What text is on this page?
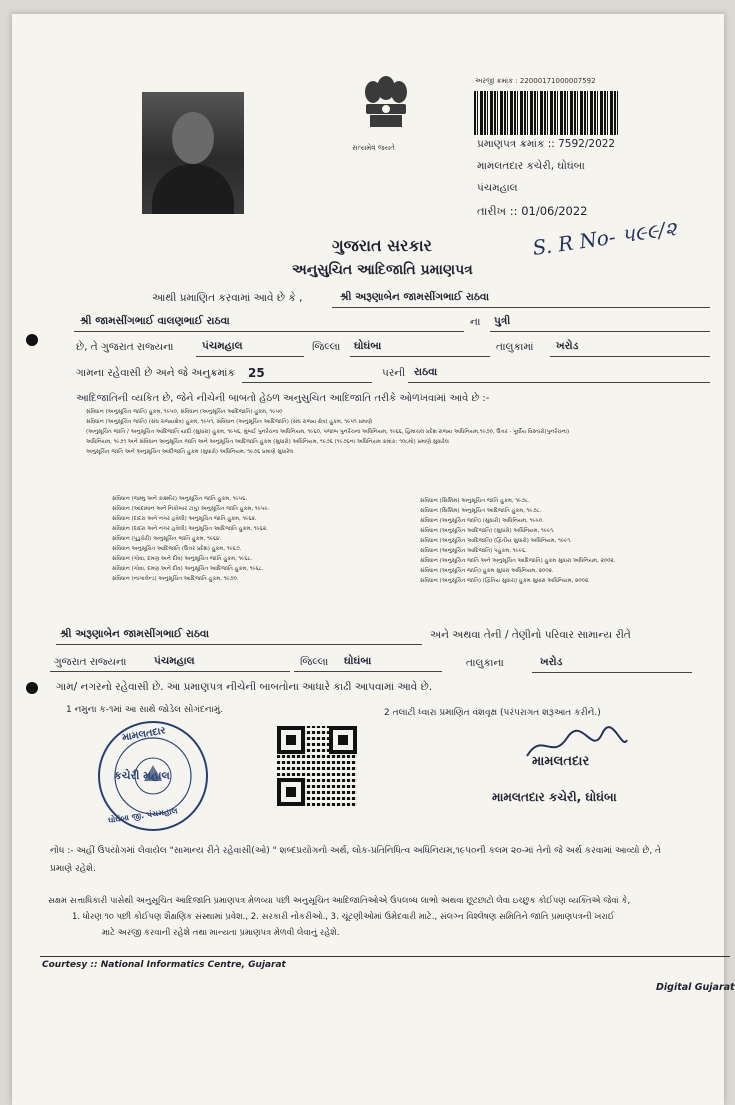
સત્યમેવ જયતે
અરજી ક્રમાંક : 22000171000007592
પ્રમાણપત્ર ક્રમાંક :: 7592/2022
મામલતદાર કચેરી, ઘોઘંબા
પંચમહાલ
તારીખ :: 01/06/2022
S. R No- ૫૯૯/૨
ગુજરાત સરકાર
અનુસુચિત આદિજાતિ પ્રમાણપત્ર
આથી પ્રમાણિત કરવામાં આવે છે કે ,	શ્રી અરૂણાબેન જામસીંગભાઈ રાઠવા
શ્રી જામસીંગભાઈ વાલણભાઈ રાઠવા	ના પુત્રી
છે, તે ગુજરાત રાજ્યના	પંચમહાલ	જિલ્લા ઘોઘંબા	તાલુકામાં ખરોડ
ગામના રહેવાસી છે અને જે અનુક્રમાંક 25	પરની રાઠવા
આદિજાતિની વ્યકિત છે, જેને નીચેની બાબતો હેઠળ અનુસુચિત આદિજાતિ તરીકે ઓળખવામાં આવે છે :-
સંવિધાન (અનુસૂચિત જાતિ) હુકમ, ૧૯૫૦, સંવિધાન (અનુસૂચિત આદિજાતિ) હુકમ, ૧૯૫૦
સંવિધાન (અનુસૂચિત જાતિ) (સંઘ રાજ્યક્ષેત્ર) હુકમ, ૧૯૫૧, સંવિધાન (અનુસૂચિત આદિજાતિ) (સંઘ રાજ્ય ક્ષેત્ર) હુકમ, ૧૯૫૧ પ્રમાણે
(અનુસૂચિત જાતિ / અનુસૂચિત આદિજાતિ યાદી (સુધારા) હુકમ, ૧૯૫૬, મુંબઈ પુનર્રચના અધિનિયમ, ૧૯૬૦, પંજાબ પુનર્રચના અધિનિયમ, ૧૯૬૬, હિમાચલ પ્રદેશ રાજ્ય અધિનિયમ,૧૯૭૦, ઉત્તર - પૂર્વીય વિસ્તારો(પુનર્રચના)
અધિનિયમ, ૧૯૭૧ અને સંવિધાન અનુસૂચિત જાતિ અને અનુસૂચિત આદિજાતિ હુકમ (સુધારો) અધિનિયમ, ૧૯૭૬ (૧૯૭૬ના અધિનિયમ ક્રમાંક: ૧૦૮મો) પ્રમાણે સુધારેલ
અનુસૂચિત જાતિ અને અનુસૂચિત આદીજાતિ હુકમ (સુધારો) અધિનિયમ, ૧૯૭૬ પ્રમાણે સુધારેલ
સંવિધાન (જમ્મુ અને કાશ્મીર) અનુસૂચિત જાતિ હુકમ, ૧૯૫૬.
સંવિધાન (આંદામાન અને નિકોબાર ટાપુ) અનુસૂચિત જાતિ હુકમ, ૧૯૫૯.
સંવિધાન (દાદરા અને નગર હવેલી) અનુસૂચિત જાતિ હુકમ, ૧૯૬૨.
સંવિધાન (દાદરા અને નગર હવેલી) અનુસૂચિત આદિજાતિ હુકમ, ૧૯૬૨.
સંવિધાન (પુડુચેરી) અનુસૂચિત જાતિ હુકમ, ૧૯૬૪.
સંવિધાન અનુસૂચિત આદિજાતિ (ઉત્તર પ્રદેશ) હુકમ, ૧૯૬૭.
સંવિધાન (ગોવા, દમણ અને દીવ) અનુસૂચિત જાતિ હુકમ, ૧૯૬૮.
સંવિધાન (ગોવા, દમણ અને દીવ) અનુસૂચિત આદિજાતિ હુકમ, ૧૯૬૮.
સંવિધાન (નાગાલેન્ડ) અનુસૂચિત આદિજાતિ હુકમ, ૧૯૭૦.
સંવિધાન (સિક્કિમ) અનુસૂચિત જાતિ હુકમ, ૧૯૭૮.
સંવિધાન (સિક્કિમ) અનુસૂચિત આદિજાતિ હુકમ, ૧૯૭૮.
સંવિધાન (અનુસૂચિત જાતિ) (સુધારો) અધિનિયમ, ૧૯૯૦.
સંવિધાન (અનુસૂચિત આદિજાતિ) (સુધારો) અધિનિયમ, ૧૯૯૧.
સંવિધાન (અનુસૂચિત આદિજાતિ) (દ્વિતીય સુધારો) અધિનિયમ, ૧૯૯૧.
સંવિધાન (અનુસૂચિત આદિજાતિ) પહુકમ, ૧૯૯૬.
સંવિધાન (અનુસૂચિત જાતિ અને અનુસૂચિત આદિજાતિ) હુકમ સુધારા અધિનિયમ, ૨૦૦૨.
સંવિધાન (અનુસૂચિત જાતિ) હુકમ સુધારા અધિનિયમ, ૨૦૦૨.
સંવિધાન (અનુસૂચિત જાતિ) (દ્વિતિય સુધારા) હુકમ સુધારા અધિનિયમ, ૨૦૦૨.
શ્રી અરૂણાબેન જામસીંગભાઈ રાઠવા	અને અથવા તેની / તેણીનો પરિવાર સામાન્ય રીતે
ગુજરાત રાજ્યના	પંચમહાલ	જિલ્લા ઘોઘંબા	તાલુકાના	ખરોડ
ગામ/ નગરનો રહેવાસી છે. આ પ્રમાણપત્ર નીચેની બાબતોના આધારે કાઢી આપવામાં આવે છે.
1 નમુના ક-૧માં આ સાથે જોડેલ સોગંદનામું.	2 તલાટી ધ્વારા પ્રમાણિત વંશવૃક્ષ (પરંપરાગત શરૂઆત કરીને.)
મામલતદાર
કચેરી મહાલ
ઘોઘંબા જી. પંચમહાલ
મામલતદાર
મામલતદાર કચેરી, ઘોઘંબા
નોંધ :- અહીં ઉપયોગમાં લેવાયેલ "સામાન્ય રીતે રહેવાસી(ઓ) " શબ્દપ્રયોગનો અર્થ, લોક-પ્રતિનિધિત્વ અધિનિયમ,૧૯૫૦ની કલમ ૨૦-માં તેનો જે અર્થ કરવામાં આવ્યો છે, તે
પ્રમાણે રહેશે.
સક્ષમ સત્તાધિકારી પાસેથી અનુસૂચિત આદિજાતિ પ્રમાણપત્ર મેળવ્યા પછી અનુસૂચિત આદિજાતિઓએ ઉપલબ્ધ લાભો અથવા છૂટછાટો લેવા ઇચ્છુક કોઈપણ વ્યક્તિએ જેવાં કે,
1. ધોરણ ૧૦ પછી કોઈપણ શૈક્ષણિક સંસ્થામાં પ્રવેશ., 2. સરકારી નોકરીઓ., 3. ચૂંટણીઓમાં ઉમેદવારી માટે., સંલગ્ન વિશ્લેષણ સમિતિને જાતિ પ્રમાણપત્રની ખરાઈ
માટે અરજી કરવાની રહેશે તથા માન્યતા પ્રમાણપત્ર મેળવી લેવાનું રહેશે.
Courtesy :: National Informatics Centre, Gujarat
Digital Gujarat
